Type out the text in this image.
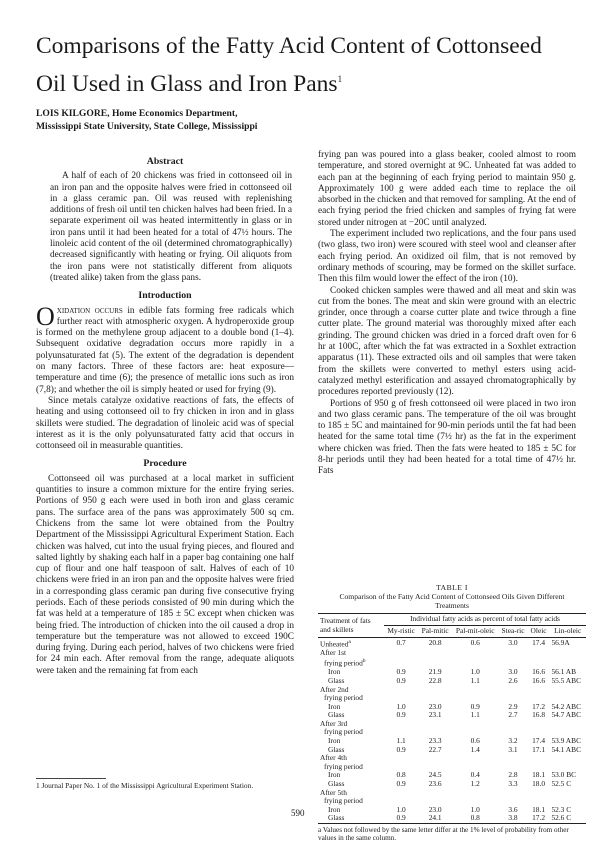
Comparisons of the Fatty Acid Content of Cottonseed Oil Used in Glass and Iron Pans$^1$
LOIS KILGORE, Home Economics Department,
Mississippi State University, State College, Mississippi
Abstract

A half of each of 20 chickens was fried in cottonseed oil in an iron pan and the opposite halves were fried in cottonseed oil in a glass ceramic pan. Oil was reused with replenishing additions of fresh oil until ten chicken halves had been fried. In a separate experiment oil was heated intermittently in glass or in iron pans until it had been heated for a total of 47½ hours. The linoleic acid content of the oil (determined chromatographically) decreased significantly with heating or frying. Oil aliquots from the iron pans were not statistically different from aliquots (treated alike) taken from the glass pans.

Introduction

Oxidation occurs in edible fats forming free radicals which further react with atmospheric oxygen. A hydroperoxide group is formed on the methylene group adjacent to a double bond (1–4). Subsequent oxidative degradation occurs more rapidly in a polyunsaturated fat (5). The extent of the degradation is dependent on many factors. Three of these factors are: heat exposure—temperature and time (6); the presence of metallic ions such as iron (7,8); and whether the oil is simply heated or used for frying (9).

Since metals catalyze oxidative reactions of fats, the effects of heating and using cottonseed oil to fry chicken in iron and in glass skillets were studied. The degradation of linoleic acid was of special interest as it is the only polyunsaturated fatty acid that occurs in cottonseed oil in measurable quantities.

Procedure

Cottonseed oil was purchased at a local market in sufficient quantities to insure a common mixture for the entire frying series. Portions of 950 g each were used in both iron and glass ceramic pans. The surface area of the pans was approximately 500 sq cm. Chickens from the same lot were obtained from the Poultry Department of the Mississippi Agricultural Experiment Station. Each chicken was halved, cut into the usual frying pieces, and floured and salted lightly by shaking each half in a paper bag containing one half cup of flour and one half teaspoon of salt. Halves of each of 10 chickens were fried in an iron pan and the opposite halves were fried in a corresponding glass ceramic pan during five consecutive frying periods. Each of these periods consisted of 90 min during which the fat was held at a temperature of 185 ± 5C except when chicken was being fried. The introduction of chicken into the oil caused a drop in temperature but the temperature was not allowed to exceed 190C during frying. During each period, halves of two chickens were fried for 24 min each. After removal from the range, adequate aliquots were taken and the remaining fat from each

frying pan was poured into a glass beaker, cooled almost to room temperature, and stored overnight at 9C. Unheated fat was added to each pan at the beginning of each frying period to maintain 950 g. Approximately 100 g were added each time to replace the oil absorbed in the chicken and that removed for sampling. At the end of each frying period the fried chicken and samples of frying fat were stored under nitrogen at −20C until analyzed.

The experiment included two replications, and the four pans used (two glass, two iron) were scoured with steel wool and cleanser after each frying period. An oxidized oil film, that is not removed by ordinary methods of scouring, may be formed on the skillet surface. Then this film would lower the effect of the iron (10).

Cooked chicken samples were thawed and all meat and skin was cut from the bones. The meat and skin were ground with an electric grinder, once through a coarse cutter plate and twice through a fine cutter plate. The ground material was thoroughly mixed after each grinding. The ground chicken was dried in a forced draft oven for 6 hr at 100C, after which the fat was extracted in a Soxhlet extraction apparatus (11). These extracted oils and oil samples that were taken from the skillets were converted to methyl esters using acid-catalyzed methyl esterification and assayed chromatographically by procedures reported previously (12).

Portions of 950 g of fresh cottonseed oil were placed in two iron and two glass ceramic pans. The temperature of the oil was brought to 185 ± 5C and maintained for 90-min periods until the fat had been heated for the same total time (7½ hr) as the fat in the experiment where chicken was fried. Then the fats were heated to 185 ± 5C for 8-hr periods until they had been heated for a total time of 47½ hr. Fats

TABLE I
Comparison of the Fatty Acid Content of Cottonseed Oils Given Different Treatments
Treatment of fats and skillets	Individual fatty acids as percent of total fatty acids					
	My-ristic	Pal-mitic	Pal-mit-oleic	Stea-ric	Oleic	Lin-oleic
Unheated$^a$	0.7	20.8	0.6	3.0	17.4	56.9A
After 1st						
frying period$^b$						
Iron	0.9	21.9	1.0	3.0	16.6	56.1 AB
Glass	0.9	22.8	1.1	2.6	16.6	55.5 ABC
After 2nd						
frying period						
Iron	1.0	23.0	0.9	2.9	17.2	54.2 ABC
Glass	0.9	23.1	1.1	2.7	16.8	54.7 ABC
After 3rd						
frying period						
Iron	1.1	23.3	0.6	3.2	17.4	53.9 ABC
Glass	0.9	22.7	1.4	3.1	17.1	54.1 ABC
After 4th						
frying period						
Iron	0.8	24.5	0.4	2.8	18.1	53.0 BC
Glass	0.9	23.6	1.2	3.3	18.0	52.5 C
After 5th						
frying period						
Iron	1.0	23.0	1.0	3.6	18.1	52.3 C
Glass	0.9	24.1	0.8	3.8	17.2	52.6 C
a Values not followed by the same letter differ at the 1% level of probability from other values in the same column.
1 Journal Paper No. 1 of the Mississippi Agricultural Experiment Station.
590
